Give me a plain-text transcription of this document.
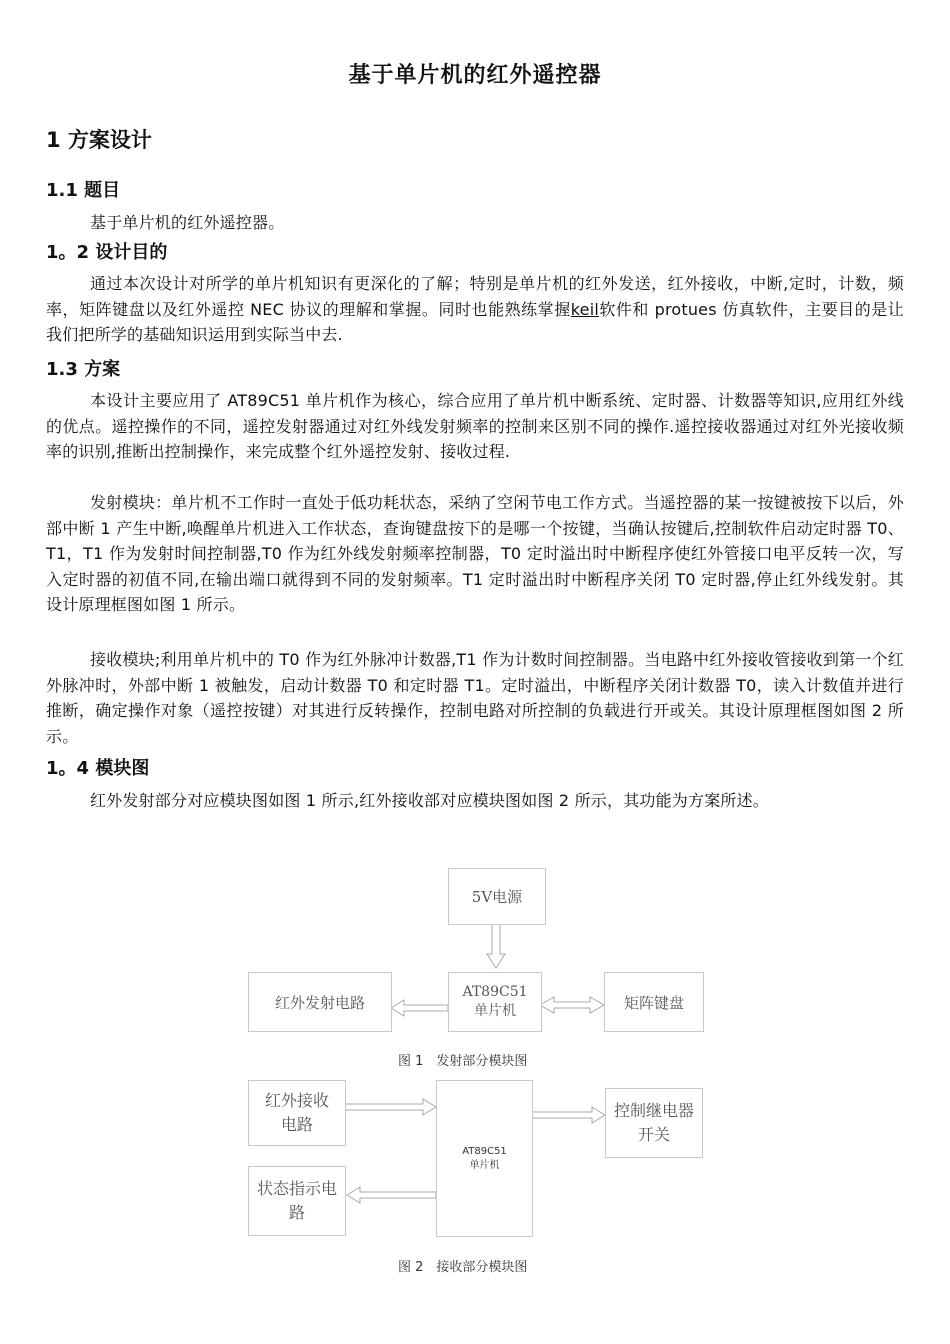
基于单片机的红外遥控器
1 方案设计
1.1 题目
基于单片机的红外遥控器。
1。2 设计目的
通过本次设计对所学的单片机知识有更深化的了解；特别是单片机的红外发送，红外接收，中断,定时，计数，频率，矩阵键盘以及红外遥控 NEC 协议的理解和掌握。同时也能熟练掌握keil软件和 protues 仿真软件，主要目的是让我们把所学的基础知识运用到实际当中去.
1.3 方案
本设计主要应用了 AT89C51 单片机作为核心，综合应用了单片机中断系统、定时器、计数器等知识,应用红外线的优点。遥控操作的不同，遥控发射器通过对红外线发射频率的控制来区别不同的操作.遥控接收器通过对红外光接收频率的识别,推断出控制操作，来完成整个红外遥控发射、接收过程.
发射模块：单片机不工作时一直处于低功耗状态，采纳了空闲节电工作方式。当遥控器的某一按键被按下以后，外部中断 1 产生中断,唤醒单片机进入工作状态，查询键盘按下的是哪一个按键，当确认按键后,控制软件启动定时器 T0、T1，T1 作为发射时间控制器,T0 作为红外线发射频率控制器，T0 定时溢出时中断程序使红外管接口电平反转一次，写入定时器的初值不同,在输出端口就得到不同的发射频率。T1 定时溢出时中断程序关闭 T0 定时器,停止红外线发射。其设计原理框图如图 1 所示。
接收模块;利用单片机中的 T0 作为红外脉冲计数器,T1 作为计数时间控制器。当电路中红外接收管接收到第一个红外脉冲时，外部中断 1 被触发，启动计数器 T0 和定时器 T1。定时溢出，中断程序关闭计数器 T0，读入计数值并进行推断，确定操作对象（遥控按键）对其进行反转操作，控制电路对所控制的负载进行开或关。其设计原理框图如图 2 所示。
1。4 模块图
红外发射部分对应模块图如图 1 所示,红外接收部对应模块图如图 2 所示，其功能为方案所述。
5V电源
AT89C51
单片机
红外发射电路	矩阵键盘
图 1　发射部分模块图
红外接收
电路
AT89C51
单片机
控制继电器
开关
状态指示电
路
图 2　接收部分模块图
